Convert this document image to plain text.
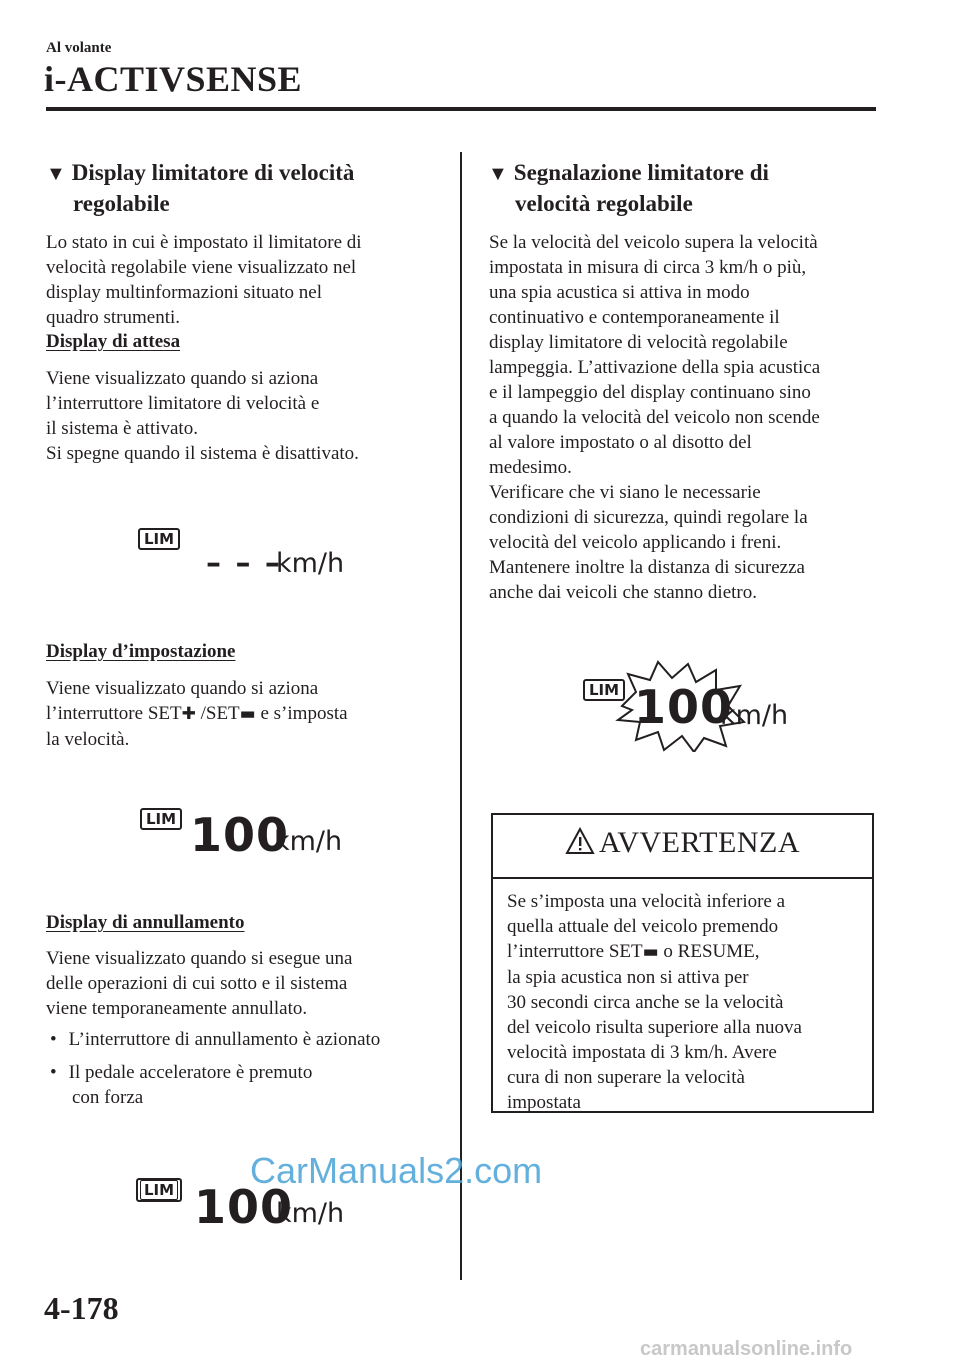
Al volante
i-ACTIVSENSE
▼ Display limitatore di velocità
regolabile
Lo stato in cui è impostato il limitatore di
velocità regolabile viene visualizzato nel
display multinformazioni situato nel
quadro strumenti.
Display di attesa
Viene visualizzato quando si aziona
l’interruttore limitatore di velocità e
il sistema è attivato.
Si spegne quando il sistema è disattivato.
LIM
– – –
km/h
Display d’impostazione
Viene visualizzato quando si aziona
l’interruttore SET✚ /SET▬ e s’imposta
la velocità.
LIM 100
km/h
Display di annullamento
Viene visualizzato quando si esegue una
delle operazioni di cui sotto e il sistema
viene temporaneamente annullato.
• L’interruttore di annullamento è azionato
• Il pedale acceleratore è premuto
con forza
LIM 100
km/h
▼ Segnalazione limitatore di
velocità regolabile
Se la velocità del veicolo supera la velocità
impostata in misura di circa 3 km/h o più,
una spia acustica si attiva in modo
continuativo e contemporaneamente il
display limitatore di velocità regolabile
lampeggia. L’attivazione della spia acustica
e il lampeggio del display continuano sino
a quando la velocità del veicolo non scende
al valore impostato o al disotto del
medesimo.
Verificare che vi siano le necessarie
condizioni di sicurezza, quindi regolare la
velocità del veicolo applicando i freni.
Mantenere inoltre la distanza di sicurezza
anche dai veicoli che stanno dietro.
LIM 100
km/h
AVVERTENZA
Se s’imposta una velocità inferiore a
quella attuale del veicolo premendo
l’interruttore SET▬ o RESUME,
la spia acustica non si attiva per
30 secondi circa anche se la velocità
del veicolo risulta superiore alla nuova
velocità impostata di 3 km/h. Avere
cura di non superare la velocità
impostata
CarManuals2.com
4-178
carmanualsonline.info
